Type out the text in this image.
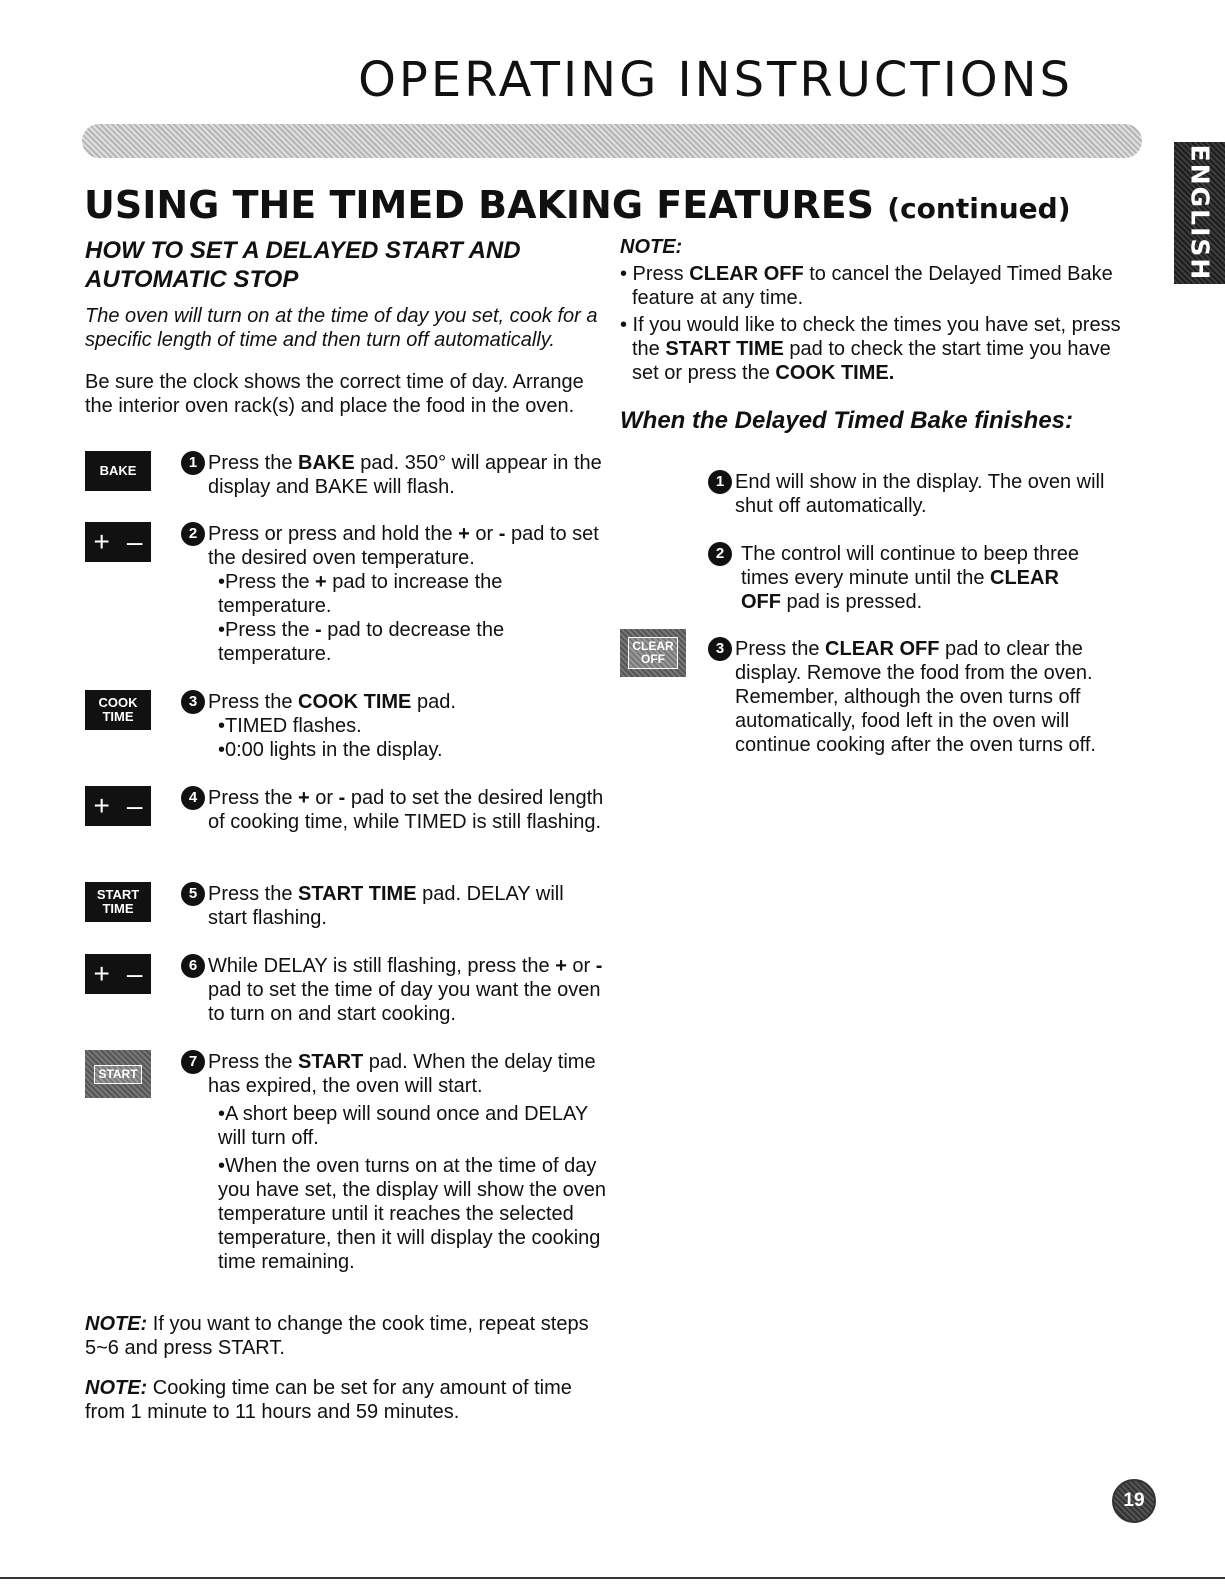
OPERATING INSTRUCTIONS
ENGLISH
USING THE TIMED BAKING FEATURES (continued)
HOW TO SET A DELAYED START AND AUTOMATIC STOP

The oven will turn on at the time of day you set, cook for a specific length of time and then turn off automatically.

Be sure the clock shows the correct time of day. Arrange the interior oven rack(s) and place the food in the oven.

BAKE	1 Press the BAKE pad. 350° will appear in the display and BAKE will flash.
+ –	2 Press or press and hold the + or - pad to set the desired oven temperature.
•Press the + pad to increase the temperature.
•Press the - pad to decrease the temperature.
COOK
TIME
3 Press the COOK TIME pad.
•TIMED flashes.
•0:00 lights in the display.
+ –	4 Press the + or - pad to set the desired length of cooking time, while TIMED is still flashing.
START
TIME
5 Press the START TIME pad. DELAY will start flashing.
+ –	6 While DELAY is still flashing, press the + or - pad to set the time of day you want the oven to turn on and start cooking.
START
7 Press the START pad. When the delay time has expired, the oven will start.
•A short beep will sound once and DELAY will turn off.
•When the oven turns on at the time of day you have set, the display will show the oven temperature until it reaches the selected temperature, then it will display the cooking time remaining.
NOTE: If you want to change the cook time, repeat steps 5~6 and press START.
NOTE: Cooking time can be set for any amount of time from 1 minute to 11 hours and 59 minutes.

NOTE:

• Press CLEAR OFF to cancel the Delayed Timed Bake feature at any time.

• If you would like to check the times you have set, press the START TIME pad to check the start time you have set or press the COOK TIME.

When the Delayed Timed Bake finishes:

1 End will show in the display. The oven will shut off automatically.
2 The control will continue to beep three times every minute until the CLEAR OFF pad is pressed.
CLEAR
OFF
3 Press the CLEAR OFF pad to clear the display. Remove the food from the oven. Remember, although the oven turns off automatically, food left in the oven will continue cooking after the oven turns off.
19
